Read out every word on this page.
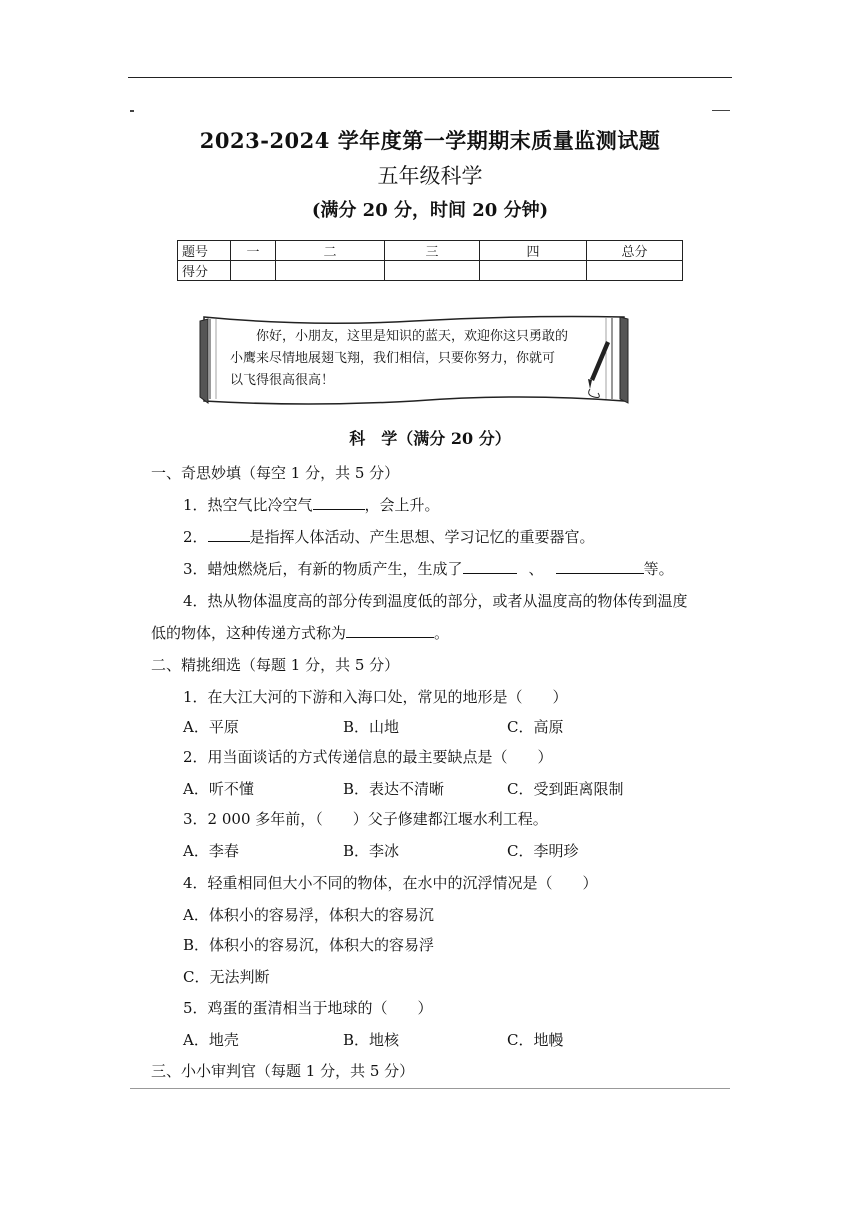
2023-2024 学年度第一学期期末质量监测试题
五年级科学
(满分 20 分，时间 20 分钟)
题号	一	二	三	四	总分
得分					

你好，小朋友，这里是知识的蓝天，欢迎你这只勇敢的

小鹰来尽情地展翅飞翔，我们相信，只要你努力，你就可

以飞得很高很高！

科　学（满分 20 分）
一、奇思妙填（每空 1 分，共 5 分）
1．热空气比冷空气	，会上升。
2．	是指挥人体活动、产生思想、学习记忆的重要器官。
3．蜡烛燃烧后，有新的物质产生，生成了	、	等。
4．热从物体温度高的部分传到温度低的部分，或者从温度高的物体传到温度
低的物体，这种传递方式称为	。
二、精挑细选（每题 1 分，共 5 分）
1．在大江大河的下游和入海口处，常见的地形是（　　）
A．平原	B．山地	C．高原
2．用当面谈话的方式传递信息的最主要缺点是（　　）
A．听不懂	B．表达不清晰	C．受到距离限制
3．2 000 多年前，（　　）父子修建都江堰水利工程。
A．李春	B．李冰	C．李明珍
4．轻重相同但大小不同的物体，在水中的沉浮情况是（　　）
A．体积小的容易浮，体积大的容易沉
B．体积小的容易沉，体积大的容易浮
C．无法判断
5．鸡蛋的蛋清相当于地球的（　　）
A．地壳	B．地核	C．地幔
三、小小审判官（每题 1 分，共 5 分）
